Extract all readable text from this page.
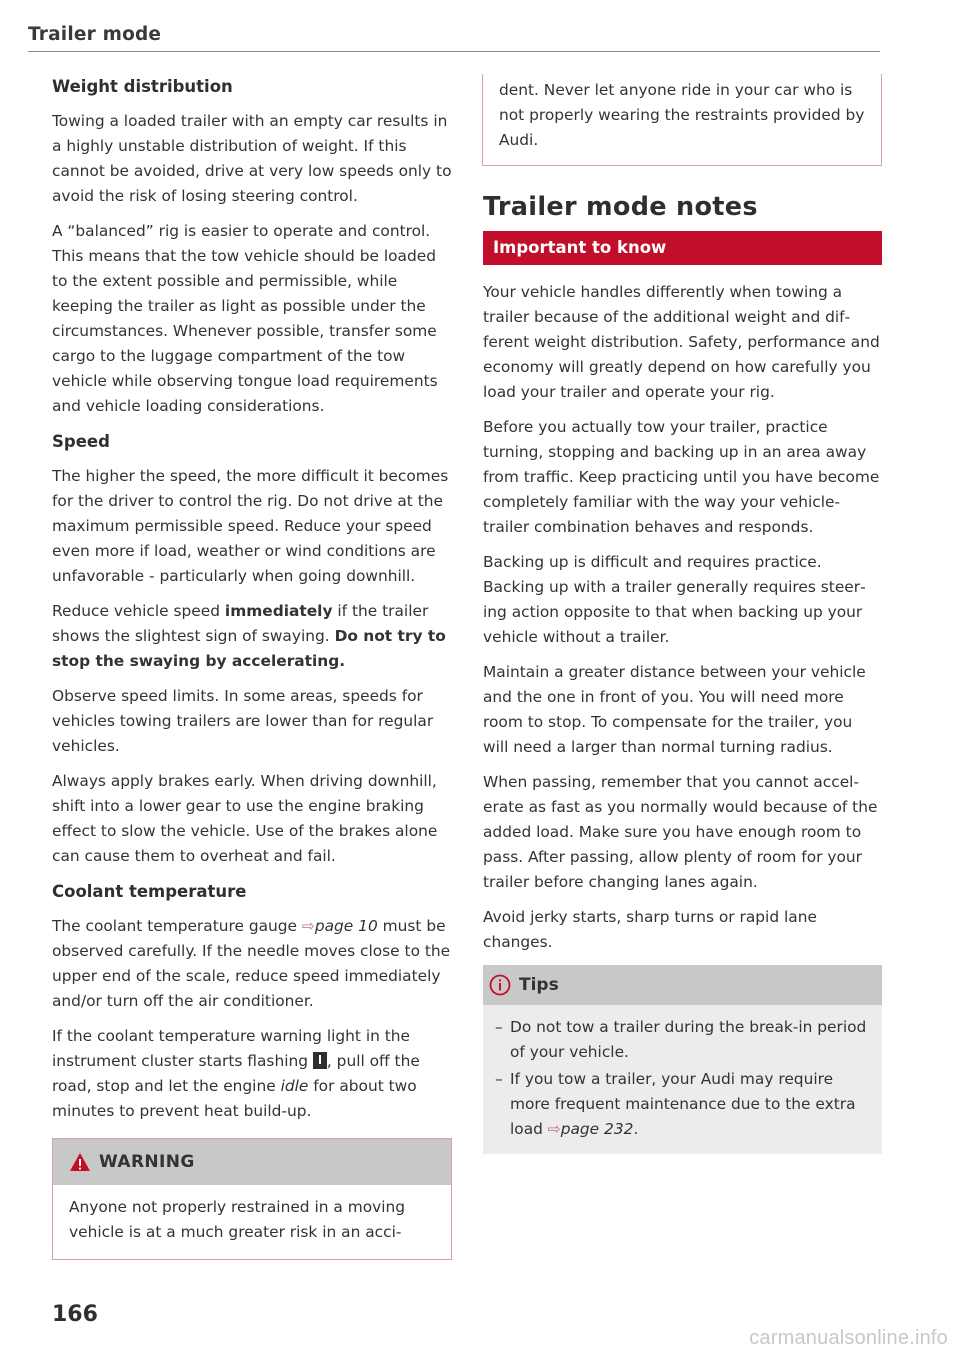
Trailer mode
Weight distribution

Towing a loaded trailer with an empty car results in a highly unstable distribution of weight. If this cannot be avoided, drive at very low speeds only to avoid the risk of losing steering control.

A “balanced” rig is easier to operate and control. This means that the tow vehicle should be loaded to the extent possible and permissible, while keeping the trailer as light as possible under the circumstances. Whenever possible, transfer some cargo to the luggage compartment of the tow vehicle while observing tongue load requirements and vehicle loading considerations.

Speed

The higher the speed, the more difficult it becomes for the driver to control the rig. Do not drive at the maximum permissible speed. Reduce your speed even more if load, weather or wind conditions are unfavorable - particularly when going downhill.

Reduce vehicle speed immediately if the trailer shows the slightest sign of swaying. Do not try to stop the swaying by accelerating.

Observe speed limits. In some areas, speeds for vehicles towing trailers are lower than for regular vehicles.

Always apply brakes early. When driving downhill, shift into a lower gear to use the engine braking effect to slow the vehicle. Use of the brakes alone can cause them to overheat and fail.

Coolant temperature

The coolant temperature gauge ⇨page 10 must be observed carefully. If the needle moves close to the upper end of the scale, reduce speed immediately and/or turn off the air conditioner.

If the coolant temperature warning light in the instrument cluster starts flashing , pull off the road, stop and let the engine idle for about two minutes to prevent heat build-up.

WARNING

Anyone not properly restrained in a moving vehicle is at a much greater risk in an acci-

dent. Never let anyone ride in your car who is not properly wearing the restraints provided by Audi.

Trailer mode notes
Important to know

Your vehicle handles differently when towing a trailer because of the additional weight and different weight distribution. Safety, performance and economy will greatly depend on how carefully you load your trailer and operate your rig.

Before you actually tow your trailer, practice turning, stopping and backing up in an area away from traffic. Keep practicing until you have become completely familiar with the way your vehicle-trailer combination behaves and responds.

Backing up is difficult and requires practice. Backing up with a trailer generally requires steering action opposite to that when backing up your vehicle without a trailer.

Maintain a greater distance between your vehicle and the one in front of you. You will need more room to stop. To compensate for the trailer, you will need a larger than normal turning radius.

When passing, remember that you cannot accelerate as fast as you normally would because of the added load. Make sure you have enough room to pass. After passing, allow plenty of room for your trailer before changing lanes again.

Avoid jerky starts, sharp turns or rapid lane changes.

Tips
– Do not tow a trailer during the break-in period of your vehicle.
– If you tow a trailer, your Audi may require more frequent maintenance due to the extra load ⇨page 232.
166
carmanualsonline.info
